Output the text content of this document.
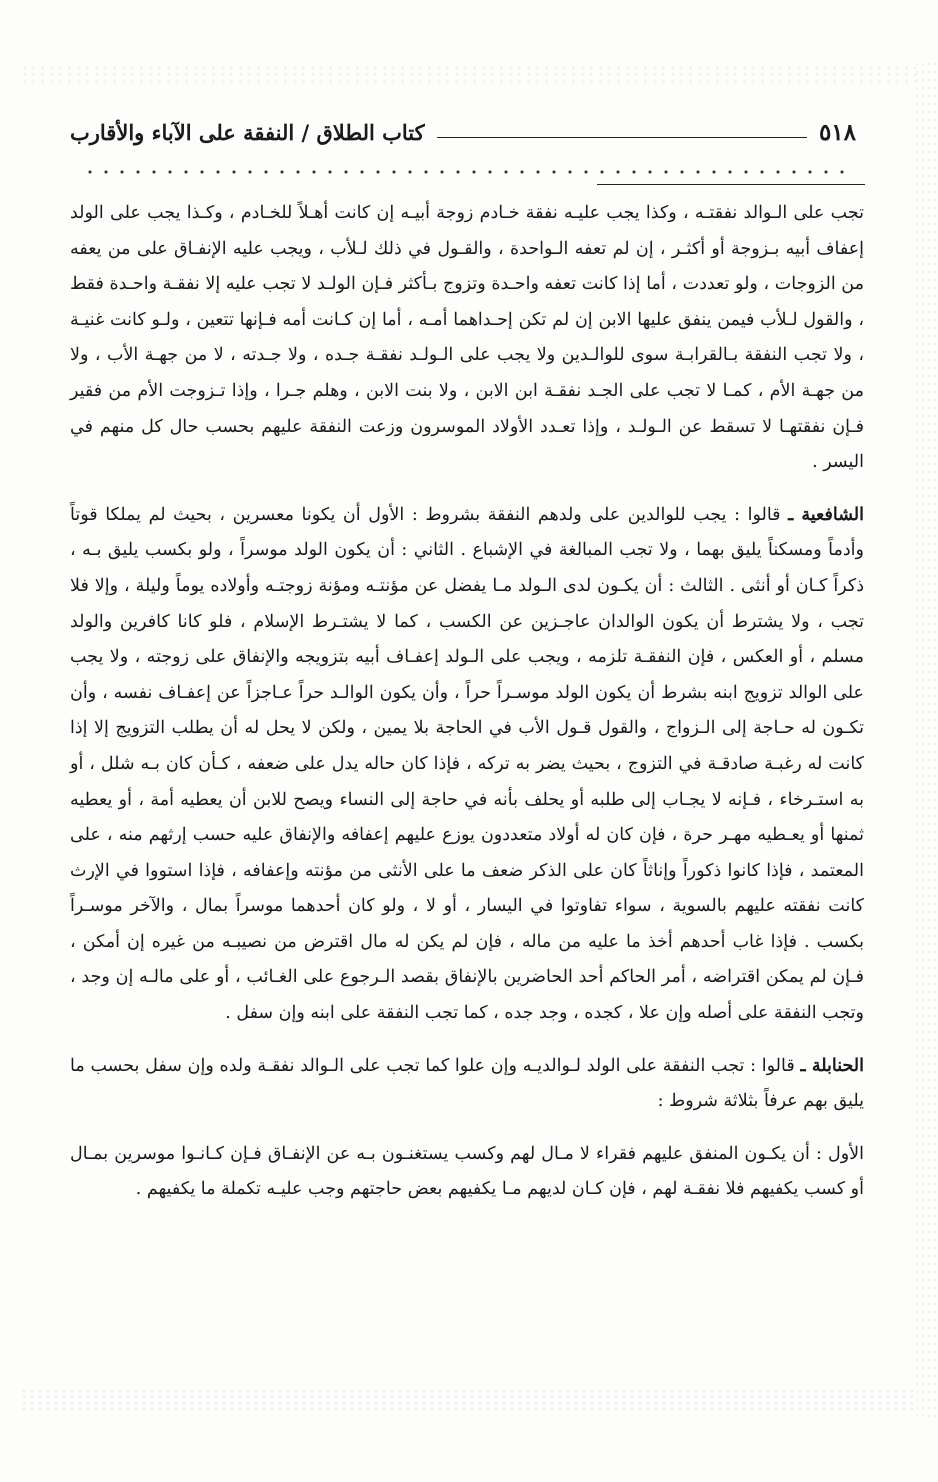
٥١٨
كتاب الطلاق / النفقة على الآباء والأقارب

تجب على الـوالد نفقتـه ، وكذا يجب عليـه نفقة خـادم زوجة أبيـه إن كانت أهـلاً للخـادم ، وكـذا يجب على الولد إعفاف أبيه بـزوجة أو أكثـر ، إن لم تعفه الـواحدة ، والقـول في ذلك لـلأب ، ويجب عليه الإنفـاق على من يعفه من الزوجات ، ولو تعددت ، أما إذا كانت تعفه واحـدة وتزوج بـأكثر فـإن الولـد لا تجب عليه إلا نفقـة واحـدة فقط ، والقول لـلأب فيمن ينفق عليها الابن إن لم تكن إحـداهما أمـه ، أما إن كـانت أمه فـإنها تتعين ، ولـو كانت غنيـة ، ولا تجب النفقة بـالقرابـة سوى للوالـدين ولا يجب على الـولـد نفقـة جـده ، ولا جـدته ، لا من جهـة الأب ، ولا من جهـة الأم ، كمـا لا تجب على الجـد نفقـة ابن الابن ، ولا بنت الابن ، وهلم جـرا ، وإذا تـزوجت الأم من فقير فـإن نفقتهـا لا تسقط عن الـولـد ، وإذا تعـدد الأولاد الموسرون وزعت النفقة عليهم بحسب حال كل منهم في اليسر .

الشافعية ـ قالوا : يجب للوالدين على ولدهم النفقة بشروط : الأول أن يكونا معسرين ، بحيث لم يملكا قوتاً وأدماً ومسكناً يليق بهما ، ولا تجب المبالغة في الإشباع . الثاني : أن يكون الولد موسراً ، ولو بكسب يليق بـه ، ذكراً كـان أو أنثى . الثالث : أن يكـون لدى الـولد مـا يفضل عن مؤنتـه ومؤنة زوجتـه وأولاده يوماً وليلة ، وإلا فلا تجب ، ولا يشترط أن يكون الوالدان عاجـزين عن الكسب ، كما لا يشتـرط الإسلام ، فلو كانا كافرين والولد مسلم ، أو العكس ، فإن النفقـة تلزمه ، ويجب على الـولد إعفـاف أبيه بتزويجه والإنفاق على زوجته ، ولا يجب على الوالد تزويج ابنه بشرط أن يكون الولد موسـراً حراً ، وأن يكون الوالـد حراً عـاجزاً عن إعفـاف نفسه ، وأن تكـون له حـاجة إلى الـزواج ، والقول قـول الأب في الحاجة بلا يمين ، ولكن لا يحل له أن يطلب التزويج إلا إذا كانت له رغبـة صادقـة في التزوج ، بحيث يضر به تركه ، فإذا كان حاله يدل على ضعفه ، كـأن كان بـه شلل ، أو به استـرخاء ، فـإنه لا يجـاب إلى طلبه أو يحلف بأنه في حاجة إلى النساء ويصح للابن أن يعطيه أمة ، أو يعطيه ثمنها أو يعـطيه مهـر حرة ، فإن كان له أولاد متعددون يوزع عليهم إعفافه والإنفاق عليه حسب إرثهم منه ، على المعتمد ، فإذا كانوا ذكوراً وإناثاً كان على الذكر ضعف ما على الأنثى من مؤنته وإعفافه ، فإذا استووا في الإرث كانت نفقته عليهم بالسوية ، سواء تفاوتوا في اليسار ، أو لا ، ولو كان أحدهما موسراً بمال ، والآخر موسـراً بكسب . فإذا غاب أحدهم أخذ ما عليه من ماله ، فإن لم يكن له مال اقترض من نصيبـه من غيره إن أمكن ، فـإن لم يمكن اقتراضه ، أمر الحاكم أحد الحاضرين بالإنفاق بقصد الـرجوع على الغـائب ، أو على مالـه إن وجد ، وتجب النفقة على أصله وإن علا ، كجده ، وجد جده ، كما تجب النفقة على ابنه وإن سفل .

الحنابلة ـ قالوا : تجب النفقة على الولد لـوالديـه وإن علوا كما تجب على الـوالد نفقـة ولده وإن سفل بحسب ما يليق بهم عرفاً بثلاثة شروط :

الأول : أن يكـون المنفق عليهم فقراء لا مـال لهم وكسب يستغنـون بـه عن الإنفـاق فـإن كـانـوا موسرين بمـال أو كسب يكفيهم فلا نفقـة لهم ، فإن كـان لديهم مـا يكفيهم بعض حاجتهم وجب عليـه تكملة ما يكفيهم .
